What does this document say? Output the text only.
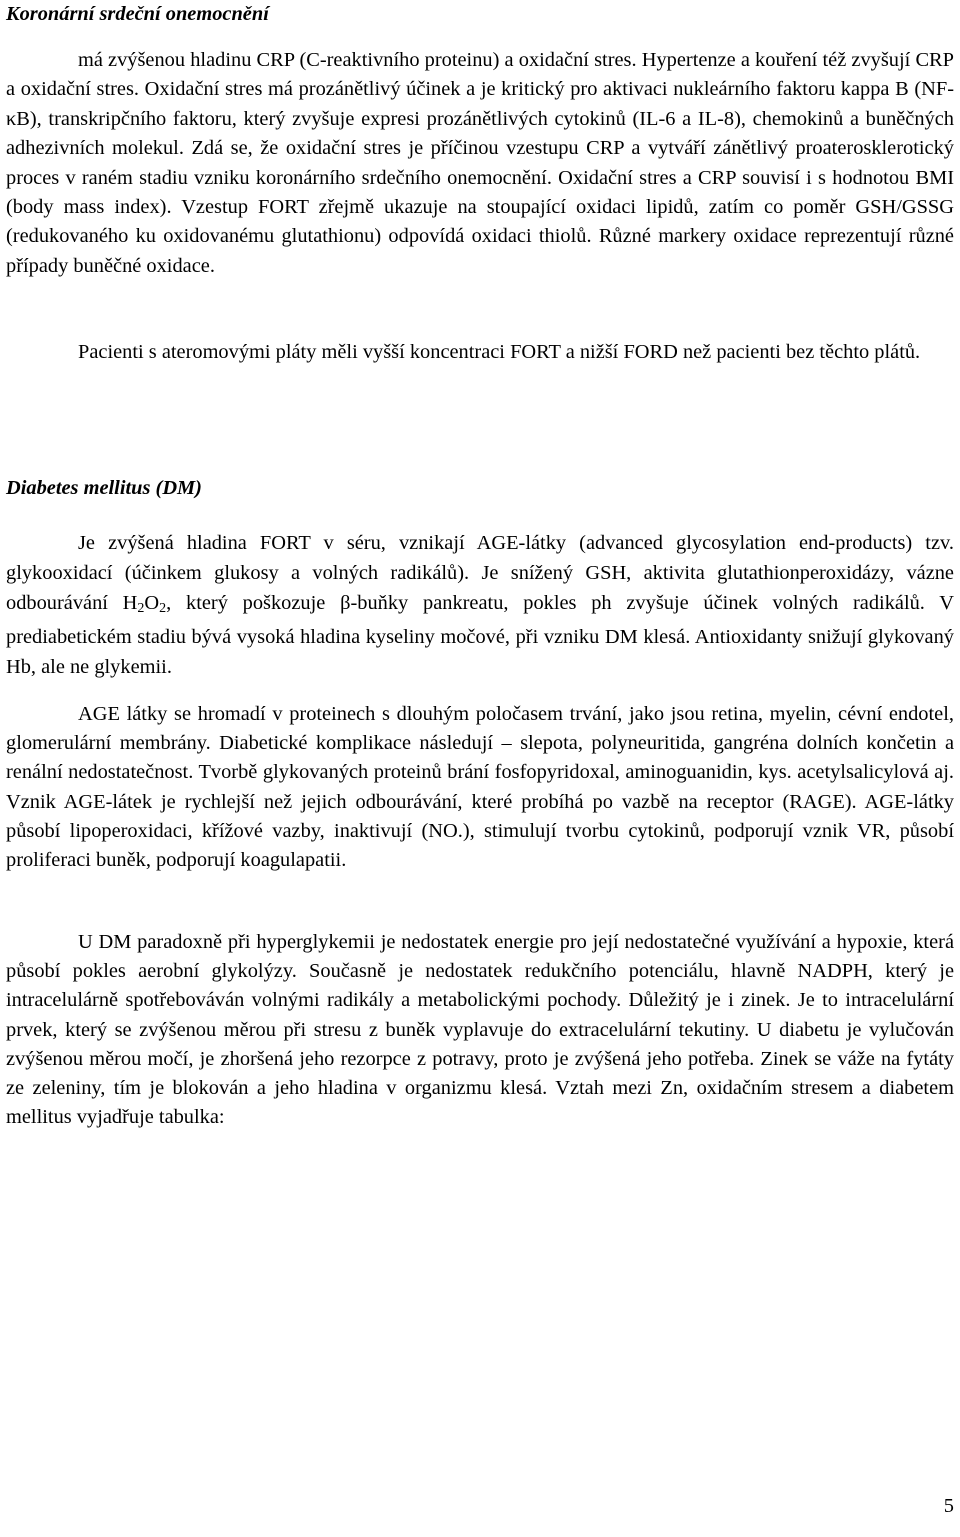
Koronární srdeční onemocnění

má zvýšenou hladinu CRP (C-reaktivního proteinu) a oxidační stres. Hypertenze a kouření též zvyšují CRP a oxidační stres. Oxidační stres má prozánětlivý účinek a je kritický pro aktivaci nukleárního faktoru kappa B (NF-κB), transkripčního faktoru, který zvyšuje expresi prozánětlivých cytokinů (IL-6 a IL-8), chemokinů a buněčných adhezivních molekul. Zdá se, že oxidační stres je příčinou vzestupu CRP a vytváří zánětlivý proaterosklerotický proces v raném stadiu vzniku koronárního srdečního onemocnění. Oxidační stres a CRP souvisí i s hodnotou BMI (body mass index). Vzestup FORT zřejmě ukazuje na stoupající oxidaci lipidů, zatím co poměr GSH/GSSG (redukovaného ku oxidovanému glutathionu) odpovídá oxidaci thiolů. Různé markery oxidace reprezentují různé případy buněčné oxidace.

Pacienti s ateromovými pláty měli vyšší koncentraci FORT a nižší FORD než pacienti bez těchto plátů.

Diabetes mellitus (DM)

Je zvýšená hladina FORT v séru, vznikají AGE-látky (advanced glycosylation end-products) tzv. glykooxidací (účinkem glukosy a volných radikálů). Je snížený GSH, aktivita glutathionperoxidázy, vázne odbourávání $H_2O_2$, který poškozuje β-buňky pankreatu, pokles ph zvyšuje účinek volných radikálů. V prediabetickém stadiu bývá vysoká hladina kyseliny močové, při vzniku DM klesá. Antioxidanty snižují glykovaný Hb, ale ne glykemii.

AGE látky se hromadí v proteinech s dlouhým poločasem trvání, jako jsou retina, myelin, cévní endotel, glomerulární membrány. Diabetické komplikace následují – slepota, polyneuritida, gangréna dolních končetin a renální nedostatečnost. Tvorbě glykovaných proteinů brání fosfopyridoxal, aminoguanidin, kys. acetylsalicylová aj. Vznik AGE-látek je rychlejší než jejich odbourávání, které probíhá po vazbě na receptor (RAGE). AGE-látky působí lipoperoxidaci, křížové vazby, inaktivují (NO.), stimulují tvorbu cytokinů, podporují vznik VR, působí proliferaci buněk, podporují koagulapatii.

U DM paradoxně při hyperglykemii je nedostatek energie pro její nedostatečné využívání a hypoxie, která působí pokles aerobní glykolýzy. Současně je nedostatek redukčního potenciálu, hlavně NADPH, který je intracelulárně spotřebováván volnými radikály a metabolickými pochody. Důležitý je i zinek. Je to intracelulární prvek, který se zvýšenou měrou při stresu z buněk vyplavuje do extracelulární tekutiny. U diabetu je vylučován zvýšenou měrou močí, je zhoršená jeho rezorpce z potravy, proto je zvýšená jeho potřeba. Zinek se váže na fytáty ze zeleniny, tím je blokován a jeho hladina v organizmu klesá. Vztah mezi Zn, oxidačním stresem a diabetem mellitus vyjadřuje tabulka:

5
